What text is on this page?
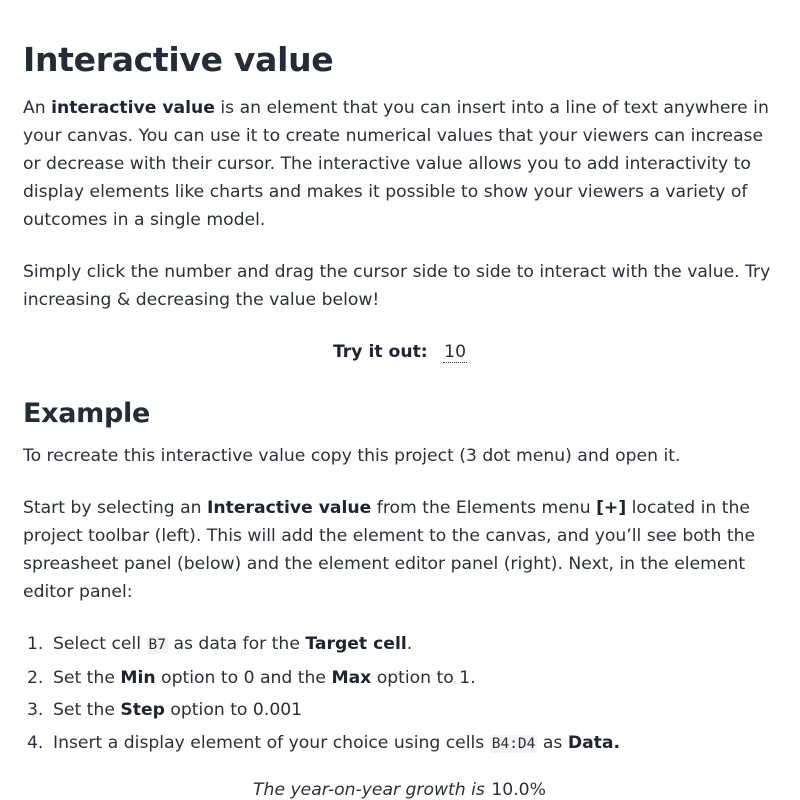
Interactive value

An interactive value is an element that you can insert into a line of text anywhere in your canvas. You can use it to create numerical values that your viewers can increase or decrease with their cursor. The interactive value allows you to add interactivity to display elements like charts and makes it possible to show your viewers a variety of outcomes in a single model.

Simply click the number and drag the cursor side to side to interact with the value. Try increasing & decreasing the value below!

Try it out: 10
Example

To recreate this interactive value copy this project (3 dot menu) and open it.

Start by selecting an Interactive value from the Elements menu [+] located in the project toolbar (left). This will add the element to the canvas, and you’ll see both the spreasheet panel (below) and the element editor panel (right). Next, in the element editor panel:

1. Select cell B7 as data for the Target cell.
2. Set the Min option to 0 and the Max option to 1.
3. Set the Step option to 0.001
4. Insert a display element of your choice using cells B4:D4 as Data.
The year-on-year growth is 10.0%
